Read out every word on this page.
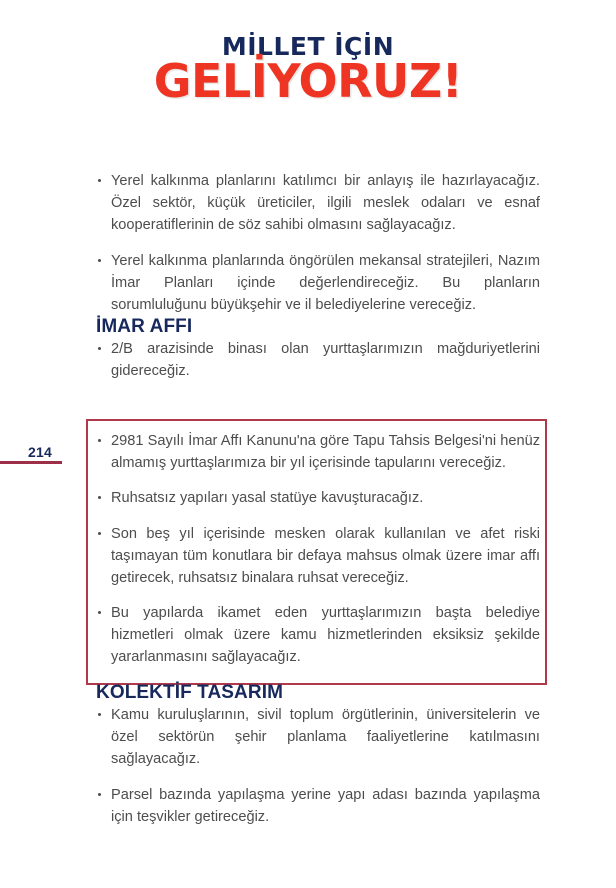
MİLLET İÇİN
GELİYORUZ!
214
Yerel kalkınma planlarını katılımcı bir anlayış ile hazırlayacağız. Özel sektör, küçük üreticiler, ilgili meslek odaları ve esnaf kooperatiflerinin de söz sahibi olmasını sağlayacağız.
Yerel kalkınma planlarında öngörülen mekansal stratejileri, Nazım İmar Planları içinde değerlendireceğiz. Bu planların sorumluluğunu büyükşehir ve il belediyelerine vereceğiz.
İMAR AFFI
2/B arazisinde binası olan yurttaşlarımızın mağduriyetlerini gidereceğiz.
2981 Sayılı İmar Affı Kanunu'na göre Tapu Tahsis Belgesi'ni henüz almamış yurttaşlarımıza bir yıl içerisinde tapularını vereceğiz.
Ruhsatsız yapıları yasal statüye kavuşturacağız.
Son beş yıl içerisinde mesken olarak kullanılan ve afet riski taşımayan tüm konutlara bir defaya mahsus olmak üzere imar affı getirecek, ruhsatsız binalara ruhsat vereceğiz.
Bu yapılarda ikamet eden yurttaşlarımızın başta belediye hizmetleri olmak üzere kamu hizmetlerinden eksiksiz şekilde yararlanmasını sağlayacağız.
KOLEKTİF TASARIM
Kamu kuruluşlarının, sivil toplum örgütlerinin, üniversitelerin ve özel sektörün şehir planlama faaliyetlerine katılmasını sağlayacağız.
Parsel bazında yapılaşma yerine yapı adası bazında yapılaşma için teşvikler getireceğiz.
